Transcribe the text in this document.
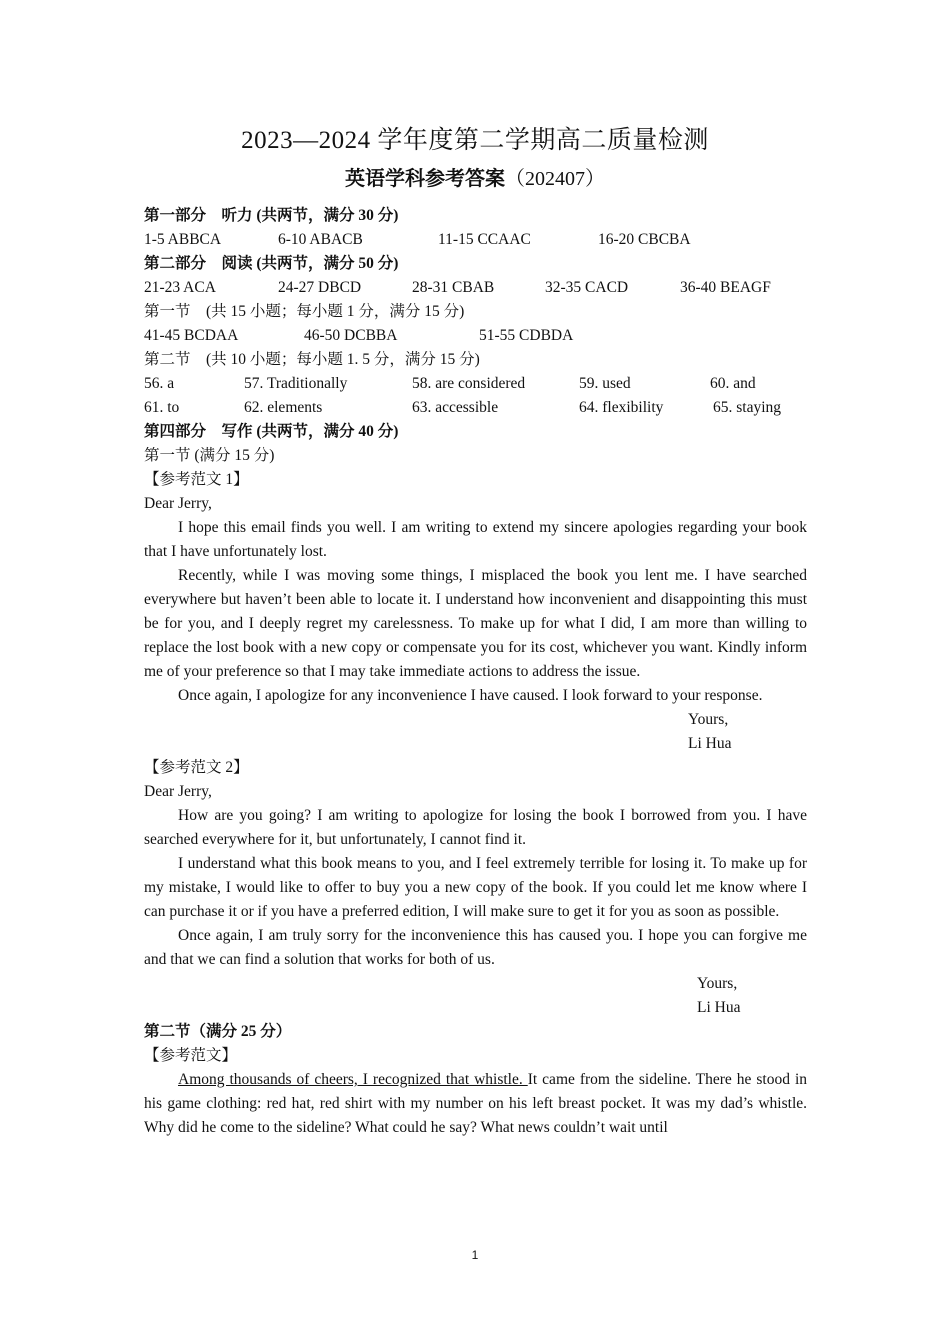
2023—2024 学年度第二学期高二质量检测
英语学科参考答案（202407）
第一部分　听力 (共两节，满分 30 分)
1-5 ABBCA	6-10 ABACB	11-15 CCAAC	16-20 CBCBA
第二部分　阅读 (共两节，满分 50 分)
21-23 ACA	24-27 DBCD	28-31 CBAB	32-35 CACD	36-40 BEAGF
第一节　(共 15 小题；每小题 1 分，满分 15 分)
41-45 BCDAA	46-50 DCBBA	51-55 CDBDA
第二节　(共 10 小题；每小题 1. 5 分，满分 15 分)
56. a	57. Traditionally	58. are considered	59. used	60. and
61. to	62. elements	63. accessible	64. flexibility	65. staying
第四部分　写作 (共两节，满分 40 分)
第一节 (满分 15 分)
【参考范文 1】
Dear Jerry,

I hope this email finds you well. I am writing to extend my sincere apologies regarding your book that I have unfortunately lost.

Recently, while I was moving some things, I misplaced the book you lent me. I have searched everywhere but haven’t been able to locate it. I understand how inconvenient and disappointing this must be for you, and I deeply regret my carelessness. To make up for what I did, I am more than willing to replace the lost book with a new copy or compensate you for its cost, whichever you want. Kindly inform me of your preference so that I may take immediate actions to address the issue.

Once again, I apologize for any inconvenience I have caused. I look forward to your response.

Yours,
Li Hua
【参考范文 2】
Dear Jerry,

How are you going? I am writing to apologize for losing the book I borrowed from you. I have searched everywhere for it, but unfortunately, I cannot find it.

I understand what this book means to you, and I feel extremely terrible for losing it. To make up for my mistake, I would like to offer to buy you a new copy of the book. If you could let me know where I can purchase it or if you have a preferred edition, I will make sure to get it for you as soon as possible.

Once again, I am truly sorry for the inconvenience this has caused you. I hope you can forgive me and that we can find a solution that works for both of us.

Yours,
Li Hua
第二节（满分 25 分）
【参考范文】

Among thousands of cheers, I recognized that whistle. It came from the sideline. There he stood in his game clothing: red hat, red shirt with my number on his left breast pocket. It was my dad’s whistle. Why did he come to the sideline? What could he say? What news couldn’t wait until

1
